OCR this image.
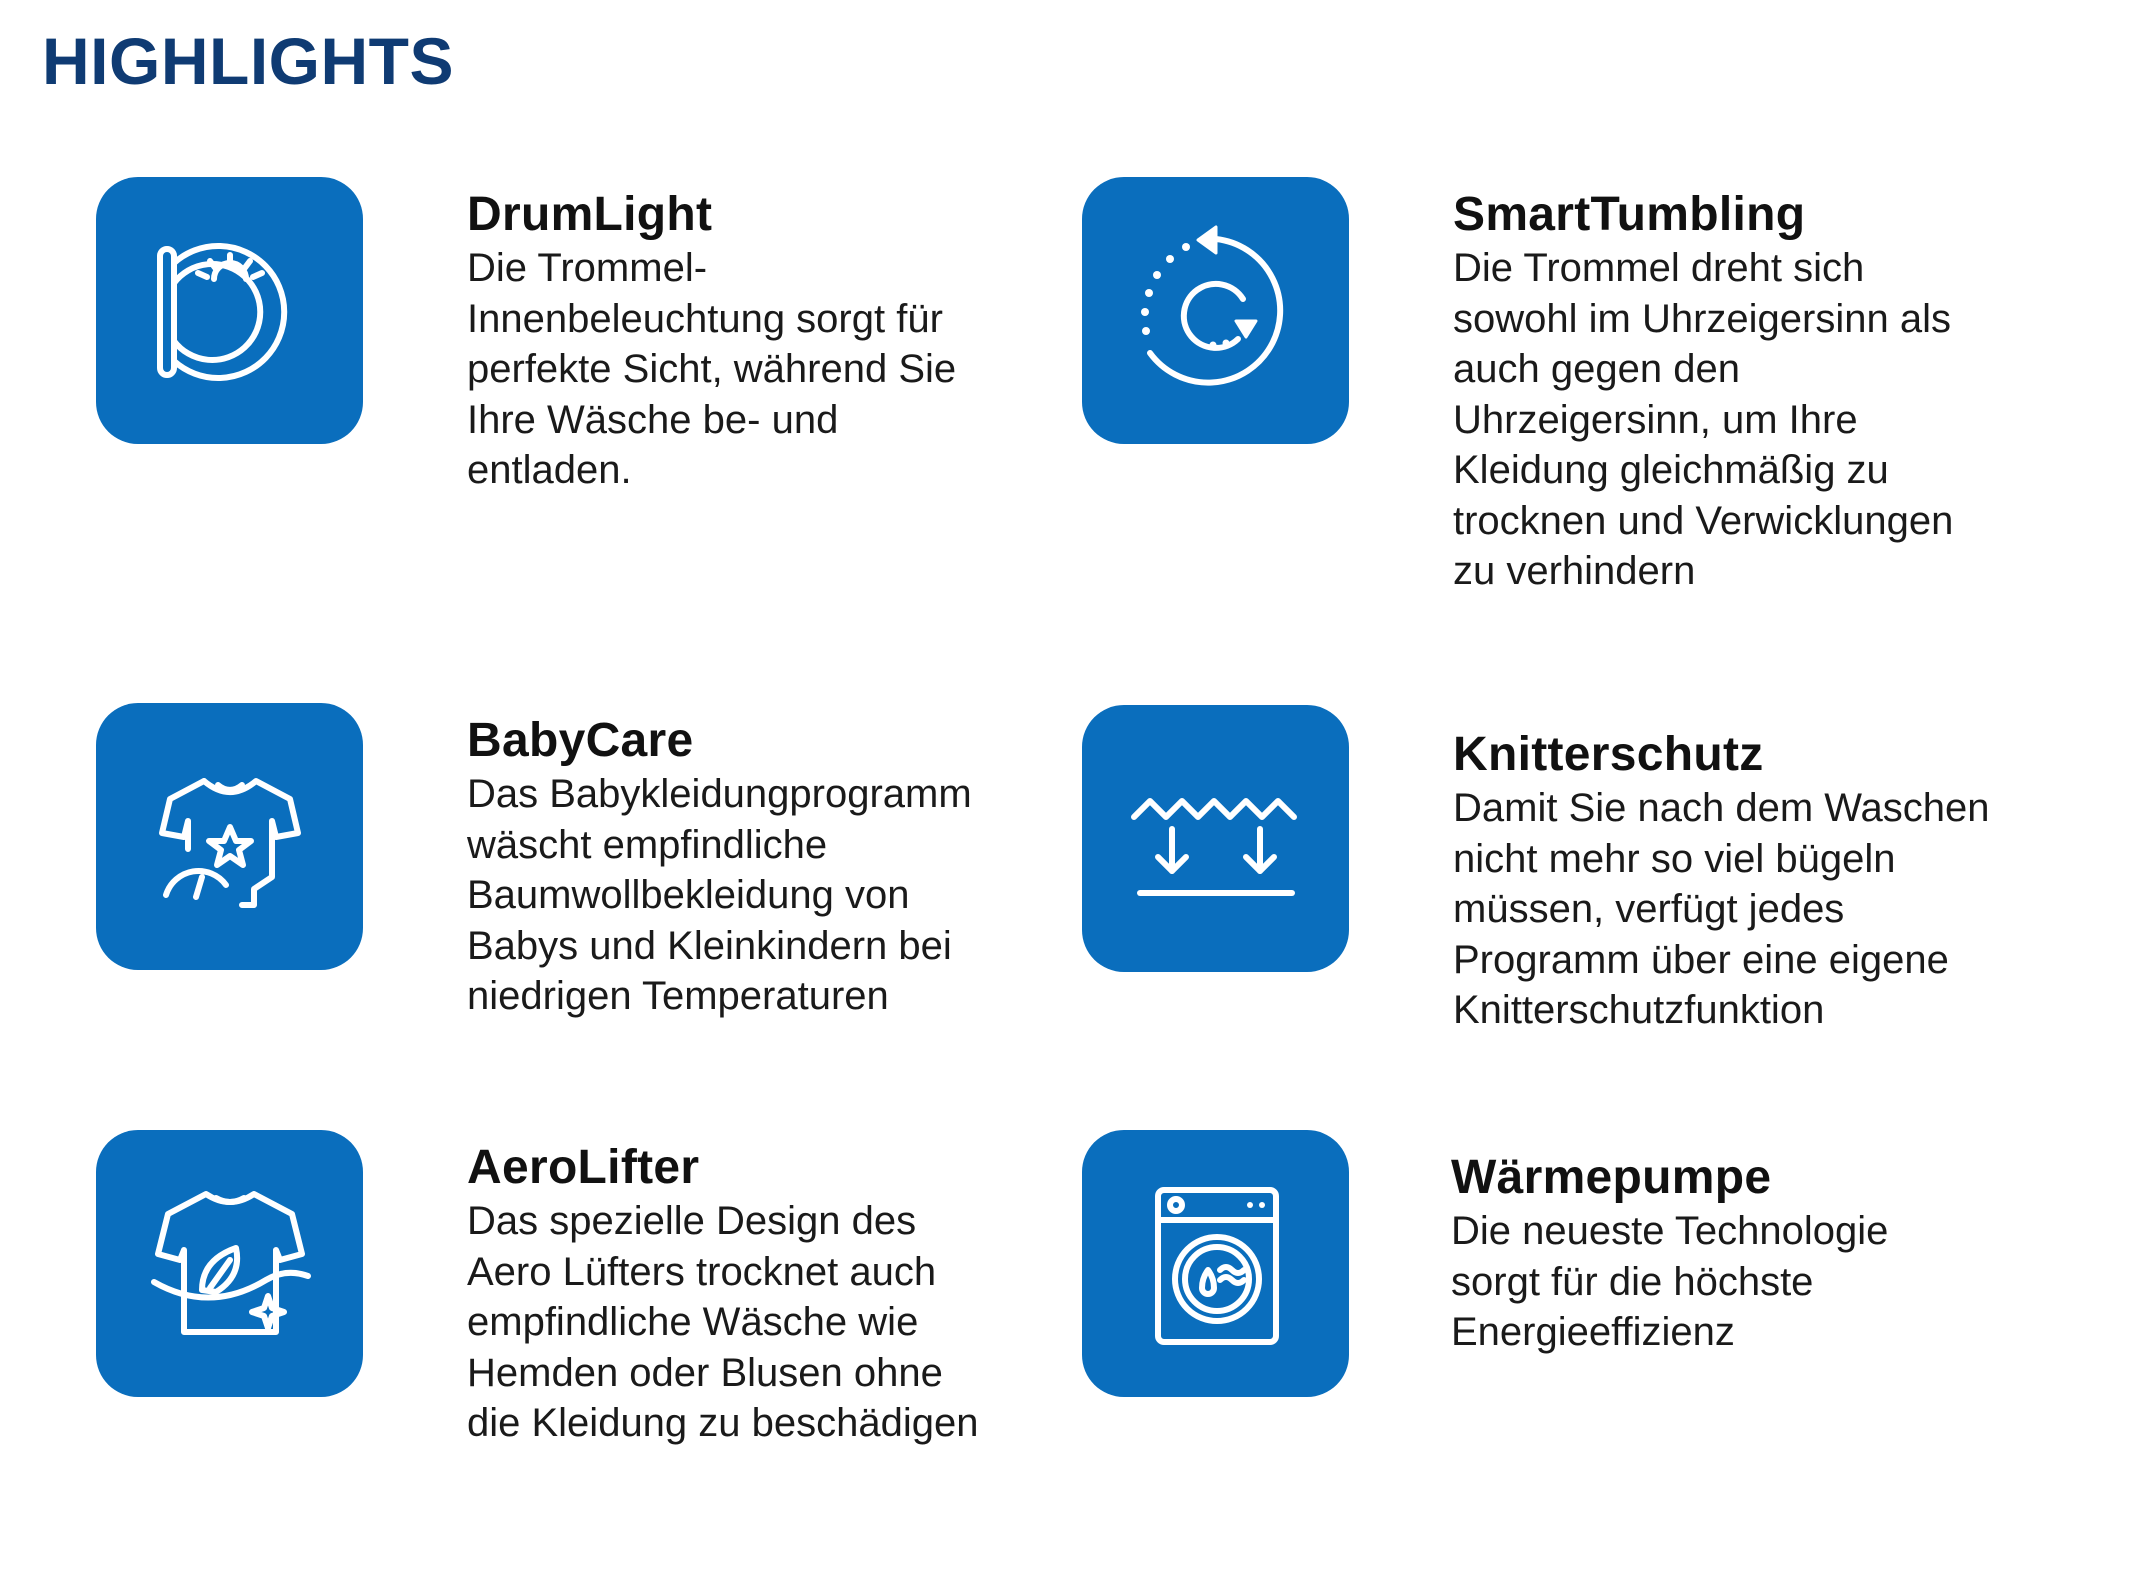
HIGHLIGHTS
DrumLight

Die Trommel-
Innenbeleuchtung sorgt für
perfekte Sicht, während Sie
Ihre Wäsche be- und
entladen.

SmartTumbling

Die Trommel dreht sich
sowohl im Uhrzeigersinn als
auch gegen den
Uhrzeigersinn, um Ihre
Kleidung gleichmäßig zu
trocknen und Verwicklungen
zu verhindern

BabyCare

Das Babykleidungprogramm
wäscht empfindliche
Baumwollbekleidung von
Babys und Kleinkindern bei
niedrigen Temperaturen

Knitterschutz

Damit Sie nach dem Waschen
nicht mehr so viel bügeln
müssen, verfügt jedes
Programm über eine eigene
Knitterschutzfunktion

AeroLifter

Das spezielle Design des
Aero Lüfters trocknet auch
empfindliche Wäsche wie
Hemden oder Blusen ohne
die Kleidung zu beschädigen

Wärmepumpe

Die neueste Technologie
sorgt für die höchste
Energieeffizienz
